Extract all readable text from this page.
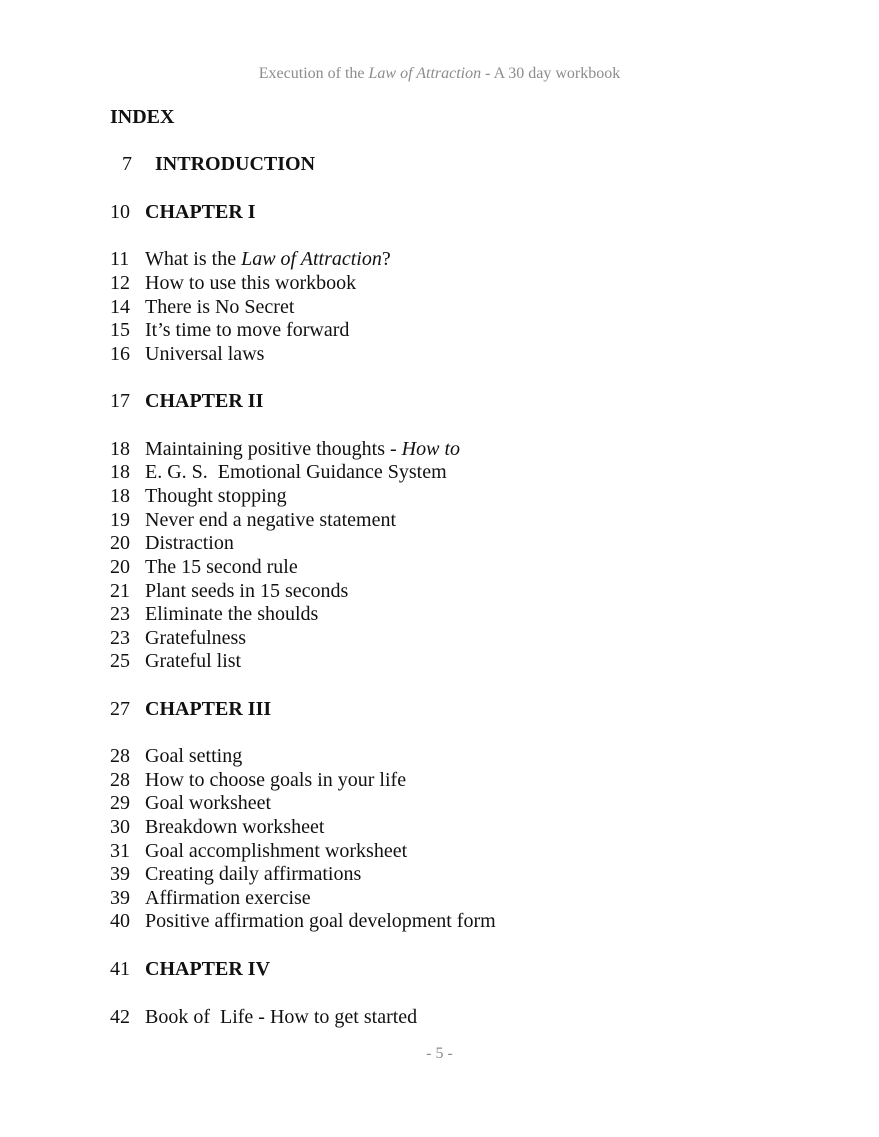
Execution of the Law of Attraction - A 30 day workbook
INDEX
7 INTRODUCTION
10 CHAPTER I
11 What is the Law of Attraction?
12 How to use this workbook
14 There is No Secret
15 It’s time to move forward
16 Universal laws
17 CHAPTER II
18 Maintaining positive thoughts - How to
18 E. G. S.  Emotional Guidance System
18 Thought stopping
19 Never end a negative statement
20 Distraction
20 The 15 second rule
21 Plant seeds in 15 seconds
23 Eliminate the shoulds
23 Gratefulness
25 Grateful list
27 CHAPTER III
28 Goal setting
28 How to choose goals in your life
29 Goal worksheet
30 Breakdown worksheet
31 Goal accomplishment worksheet
39 Creating daily affirmations
39 Affirmation exercise
40 Positive affirmation goal development form
41 CHAPTER IV
42 Book of  Life - How to get started
- 5 -
